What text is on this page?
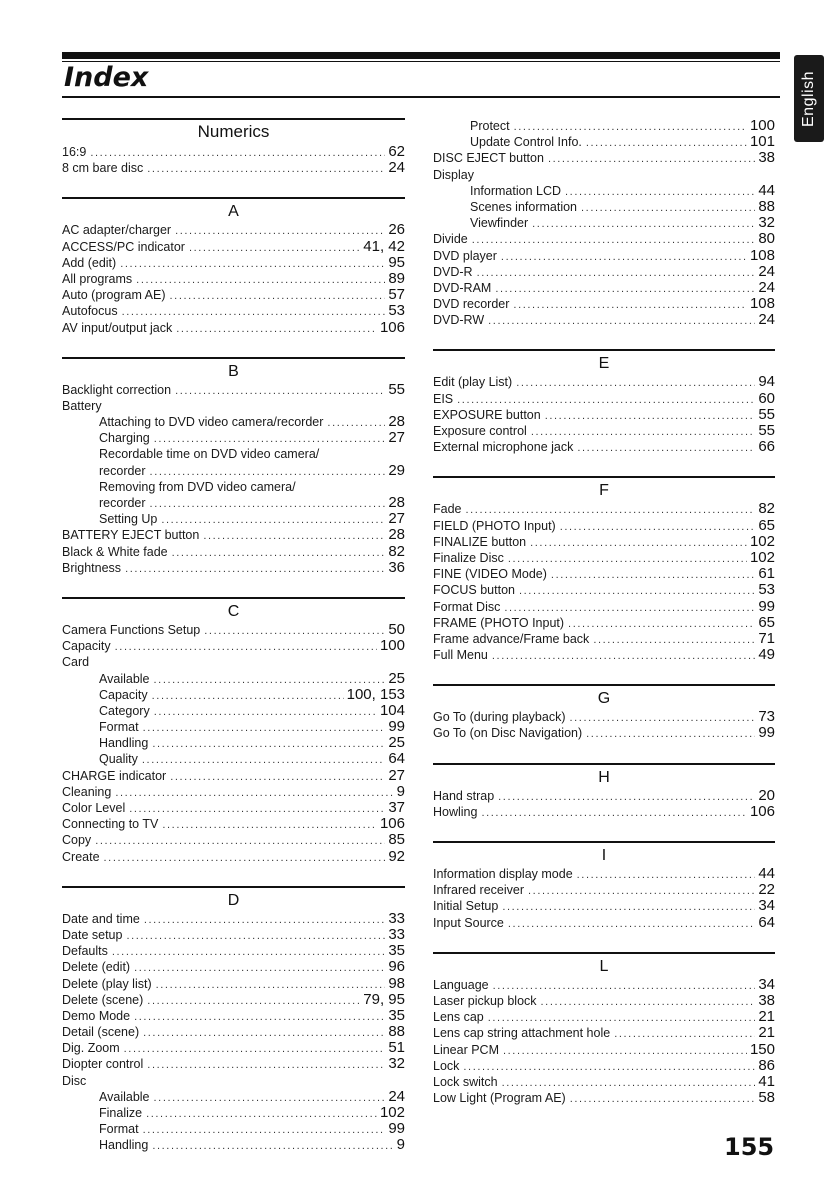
Index	English
Numerics
16:9 .....	62
8 cm bare disc .....	24
A
AC adapter/charger .....	26
ACCESS/PC indicator .....	41, 42
Add (edit) .....	95
All programs .....	89
Auto (program AE) .....	57
Autofocus .....	53
AV input/output jack .....	106
B
Backlight correction .....	55
Battery
Attaching to DVD video camera/recorder .....	28
Charging .....	27
Recordable time on DVD video camera/
recorder .....	29
Removing from DVD video camera/
recorder .....	28
Setting Up .....	27
BATTERY EJECT button .....	28
Black & White fade .....	82
Brightness .....	36
C
Camera Functions Setup .....	50
Capacity .....	100
Card
Available .....	25
Capacity .....	100, 153
Category .....	104
Format .....	99
Handling .....	25
Quality .....	64
CHARGE indicator .....	27
Cleaning .....	9
Color Level .....	37
Connecting to TV .....	106
Copy .....	85
Create .....	92
D
Date and time .....	33
Date setup .....	33
Defaults .....	35
Delete (edit) .....	96
Delete (play list) .....	98
Delete (scene) .....	79, 95
Demo Mode .....	35
Detail (scene) .....	88
Dig. Zoom .....	51
Diopter control .....	32
Disc
Available .....	24
Finalize .....	102
Format .....	99
Handling .....	9
Protect .....	100
Update Control Info. .....	101
DISC EJECT button .....	38
Display
Information LCD .....	44
Scenes information .....	88
Viewfinder .....	32
Divide .....	80
DVD player .....	108
DVD-R .....	24
DVD-RAM .....	24
DVD recorder .....	108
DVD-RW .....	24
E
Edit (play List) .....	94
EIS .....	60
EXPOSURE button .....	55
Exposure control .....	55
External microphone jack .....	66
F
Fade .....	82
FIELD (PHOTO Input) .....	65
FINALIZE button .....	102
Finalize Disc .....	102
FINE (VIDEO Mode) .....	61
FOCUS button .....	53
Format Disc .....	99
FRAME (PHOTO Input) .....	65
Frame advance/Frame back .....	71
Full Menu .....	49
G
Go To (during playback) .....	73
Go To (on Disc Navigation) .....	99
H
Hand strap .....	20
Howling .....	106
I
Information display mode .....	44
Infrared receiver .....	22
Initial Setup .....	34
Input Source .....	64
L
Language .....	34
Laser pickup block .....	38
Lens cap .....	21
Lens cap string attachment hole .....	21
Linear PCM .....	150
Lock .....	86
Lock switch .....	41
Low Light (Program AE) .....	58

155
